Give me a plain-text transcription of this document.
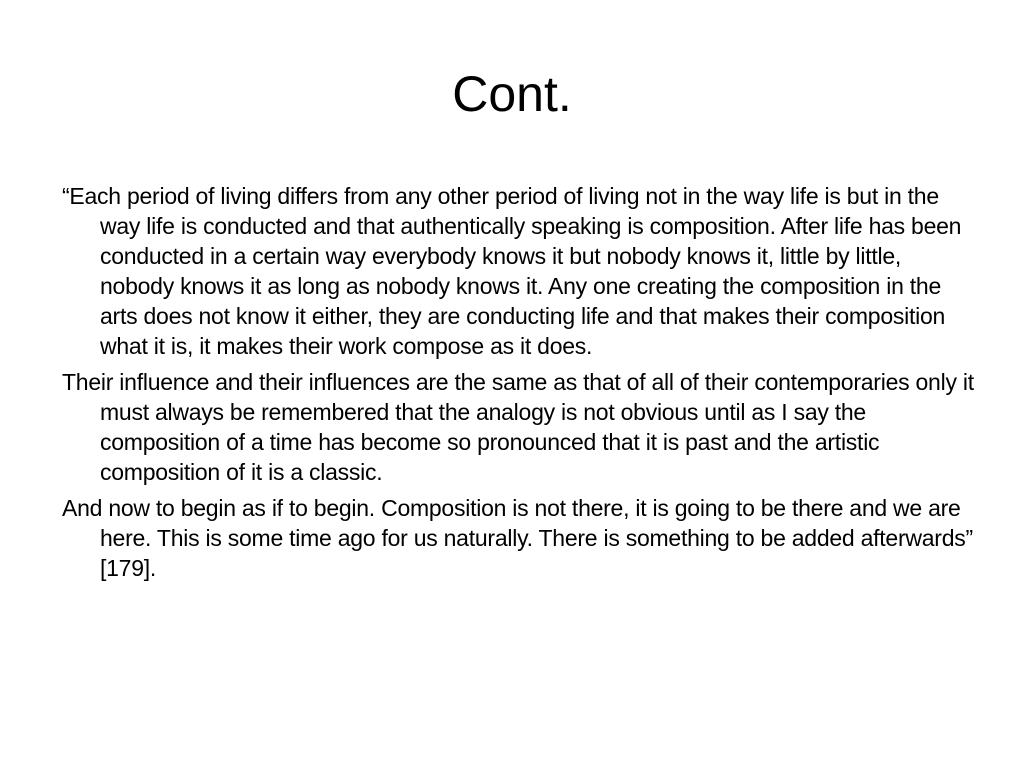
Cont.

“Each period of living differs from any other period of living not in the way life is but in the way life is conducted and that authentically speaking is composition. After life has been conducted in a certain way everybody knows it but nobody knows it, little by little, nobody knows it as long as nobody knows it. Any one creating the composition in the arts does not know it either, they are conducting life and that makes their composition what it is, it makes their work compose as it does.

Their influence and their influences are the same as that of all of their contemporaries only it must always be remembered that the analogy is not obvious until as I say the composition of a time has become so pronounced that it is past and the artistic composition of it is a classic.

And now to begin as if to begin. Composition is not there, it is going to be there and we are here. This is some time ago for us naturally. There is something to be added afterwards” [179].
